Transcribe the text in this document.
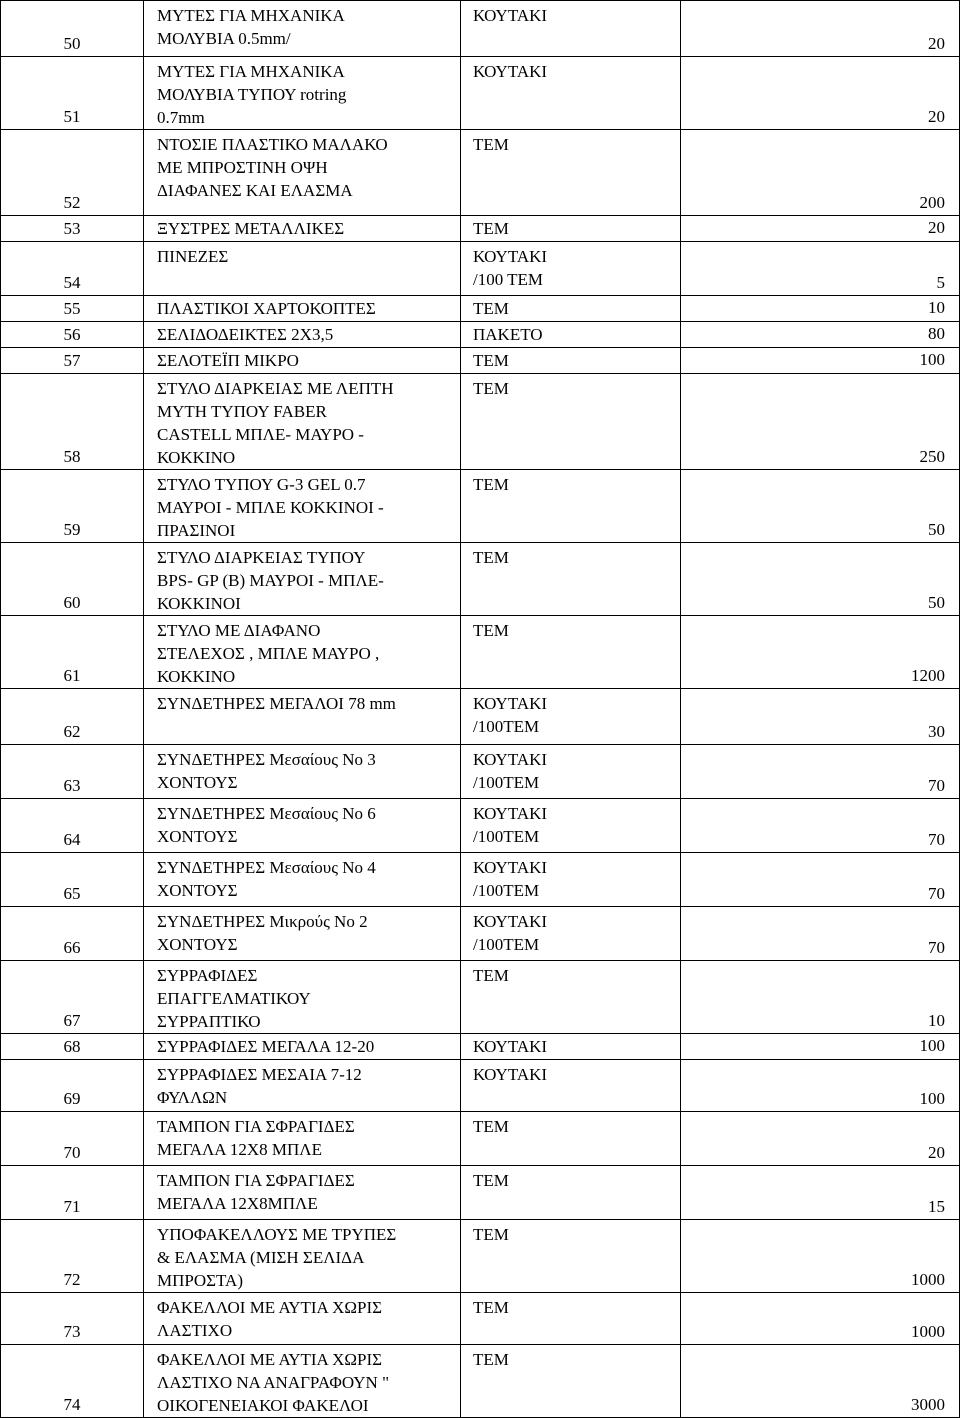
50	ΜΥΤΕΣ ΓΙΑ ΜΗΧΑΝΙΚΑ
ΜΟΛΥΒΙΑ 0.5mm/	ΚΟΥΤΑΚΙ	20
51	ΜΥΤΕΣ ΓΙΑ ΜΗΧΑΝΙΚΑ
ΜΟΛΥΒΙΑ ΤΥΠΟΥ rotring
0.7mm	ΚΟΥΤΑΚΙ	20
52	ΝΤΟΣΙΕ ΠΛΑΣΤΙΚΟ ΜΑΛΑΚΟ
ΜΕ ΜΠΡΟΣΤΙΝΗ ΟΨΗ
ΔΙΑΦΑΝΕΣ ΚΑΙ ΕΛΑΣΜΑ	ΤΕΜ	200
53	ΞΥΣΤΡΕΣ ΜΕΤΑΛΛΙΚΕΣ	ΤΕΜ	20
54	ΠΙΝΕΖΕΣ	ΚΟΥΤΑΚΙ
/100 ΤΕΜ	5
55	ΠΛΑΣΤΙΚΟΙ ΧΑΡΤΟΚΟΠΤΕΣ	ΤΕΜ	10
56	ΣΕΛΙΔΟΔΕΙΚΤΕΣ 2Χ3,5	ΠΑΚΕΤΟ	80
57	ΣΕΛΟΤΕΪΠ ΜΙΚΡΟ	ΤΕΜ	100
58	ΣΤΥΛΟ ΔΙΑΡΚΕΙΑΣ ΜΕ ΛΕΠΤΗ
ΜΥΤΗ ΤΥΠΟΥ FABER
CASTELL ΜΠΛΕ- ΜΑΥΡΟ -
ΚΟΚΚΙΝΟ	ΤΕΜ	250
59	ΣΤΥΛΟ ΤΥΠΟΥ G-3 GEL 0.7
ΜΑΥΡΟΙ - ΜΠΛΕ ΚΟΚΚΙΝΟΙ -
ΠΡΑΣΙΝΟΙ	ΤΕΜ	50
60	ΣΤΥΛΟ ΔΙΑΡΚΕΙΑΣ ΤΥΠΟΥ
BPS- GP (B) ΜΑΥΡΟΙ - ΜΠΛΕ-
ΚΟΚΚΙΝΟΙ	ΤΕΜ	50
61	ΣΤΥΛΟ ΜΕ ΔΙΑΦΑΝΟ
ΣΤΕΛΕΧΟΣ , ΜΠΛΕ ΜΑΥΡΟ ,
ΚΟΚΚΙΝΟ	ΤΕΜ	1200
62	ΣΥΝΔΕΤΗΡΕΣ ΜΕΓΑΛΟΙ 78 mm	ΚΟΥΤΑΚΙ
/100ΤΕΜ	30
63	ΣΥΝΔΕΤΗΡΕΣ Μεσαίους Νο 3
ΧΟΝΤΟΥΣ	ΚΟΥΤΑΚΙ
/100ΤΕΜ	70
64	ΣΥΝΔΕΤΗΡΕΣ Μεσαίους Νο 6
ΧΟΝΤΟΥΣ	ΚΟΥΤΑΚΙ
/100ΤΕΜ	70
65	ΣΥΝΔΕΤΗΡΕΣ Μεσαίους Νο 4
ΧΟΝΤΟΥΣ	ΚΟΥΤΑΚΙ
/100ΤΕΜ	70
66	ΣΥΝΔΕΤΗΡΕΣ Μικρούς Νο 2
ΧΟΝΤΟΥΣ	ΚΟΥΤΑΚΙ
/100ΤΕΜ	70
67	ΣΥΡΡΑΦΙΔΕΣ
ΕΠΑΓΓΕΛΜΑΤΙΚΟΥ
ΣΥΡΡΑΠΤΙΚΟ	ΤΕΜ	10
68	ΣΥΡΡΑΦΙΔΕΣ ΜΕΓΑΛΑ 12-20	ΚΟΥΤΑΚΙ	100
69	ΣΥΡΡΑΦΙΔΕΣ ΜΕΣΑΙΑ 7-12
ΦΥΛΛΩΝ	ΚΟΥΤΑΚΙ	100
70	ΤΑΜΠΟΝ ΓΙΑ ΣΦΡΑΓΙΔΕΣ
ΜΕΓΑΛΑ 12Χ8 ΜΠΛΕ	ΤΕΜ	20
71	ΤΑΜΠΟΝ ΓΙΑ ΣΦΡΑΓΙΔΕΣ
ΜΕΓΑΛΑ 12Χ8ΜΠΛΕ	ΤΕΜ	15
72	ΥΠΟΦΑΚΕΛΛΟΥΣ ΜΕ ΤΡΥΠΕΣ
& ΕΛΑΣΜΑ (ΜΙΣΗ ΣΕΛΙΔΑ
ΜΠΡΟΣΤΑ)	ΤΕΜ	1000
73	ΦΑΚΕΛΛΟΙ ΜΕ ΑΥΤΙΑ ΧΩΡΙΣ
ΛΑΣΤΙΧΟ	ΤΕΜ	1000
74	ΦΑΚΕΛΛΟΙ ΜΕ ΑΥΤΙΑ ΧΩΡΙΣ
ΛΑΣΤΙΧΟ ΝΑ ΑΝΑΓΡΑΦΟΥΝ "
ΟΙΚΟΓΕΝΕΙΑΚΟΙ ΦΑΚΕΛΟΙ	ΤΕΜ	3000
